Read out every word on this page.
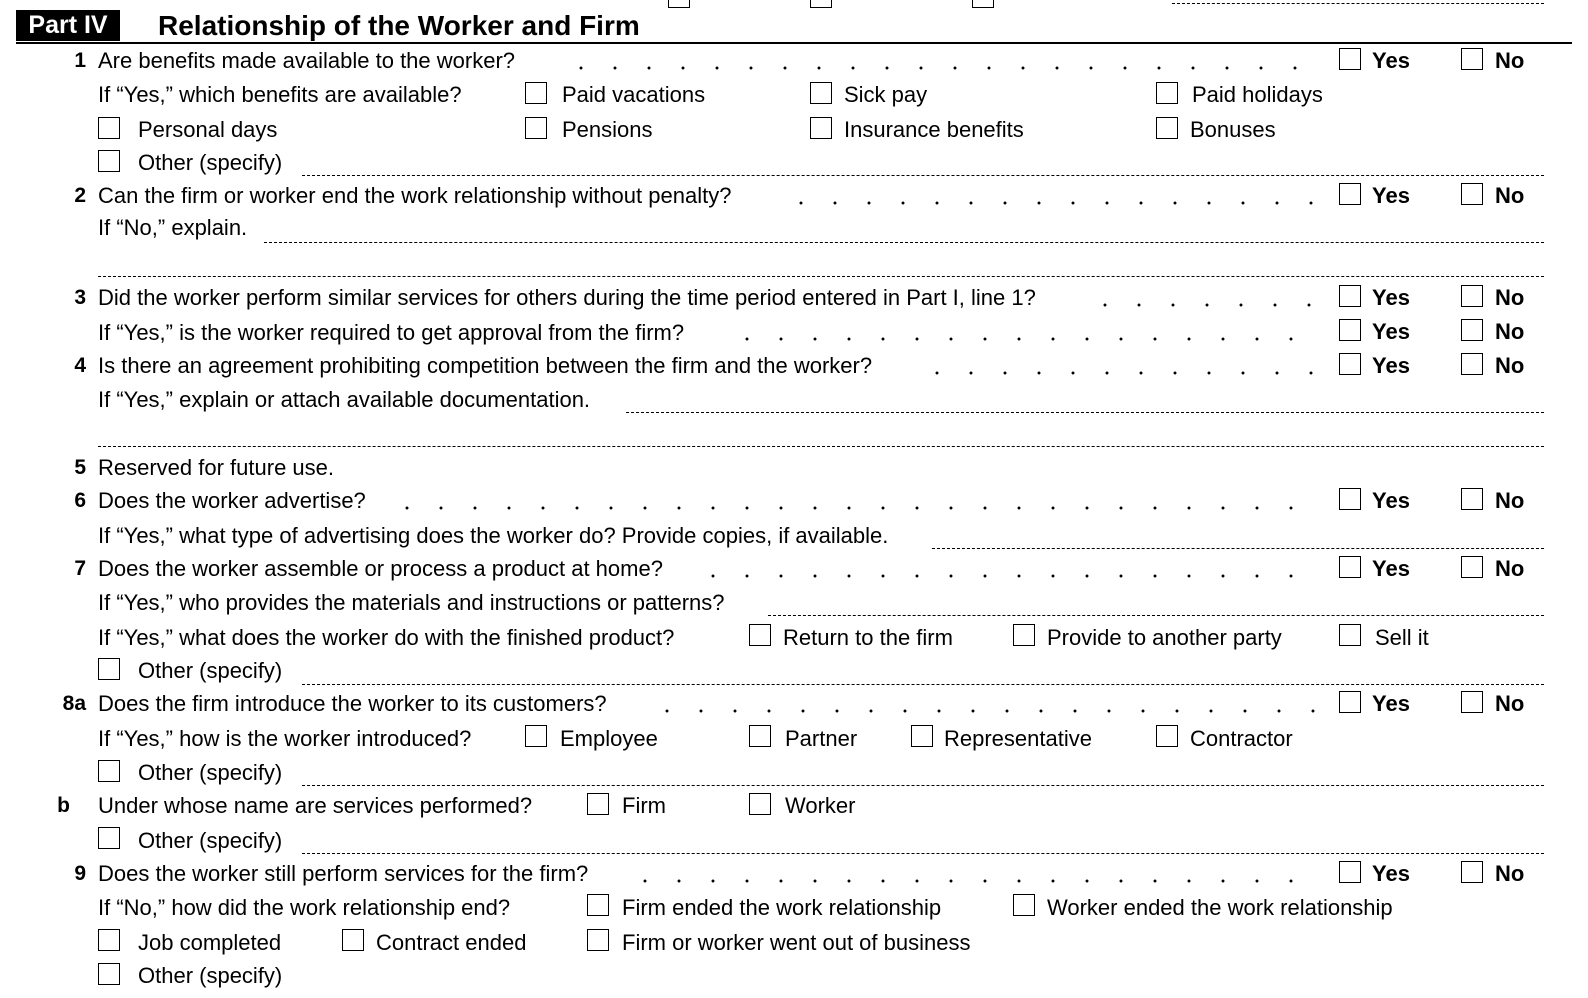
Part IV	Relationship of the Worker and Firm
1 Are benefits made available to the worker?	Yes	No
If “Yes,” which benefits are available?	Paid vacations	Sick pay	Paid holidays
Personal days	Pensions	Insurance benefits	Bonuses
Other (specify)
2 Can the firm or worker end the work relationship without penalty?	Yes	No
If “No,” explain.
3 Did the worker perform similar services for others during the time period entered in Part I, line 1?	Yes	No
If “Yes,” is the worker required to get approval from the firm?	Yes	No
4 Is there an agreement prohibiting competition between the firm and the worker?	Yes	No
If “Yes,” explain or attach available documentation.
5 Reserved for future use.
6 Does the worker advertise?	Yes	No
If “Yes,” what type of advertising does the worker do? Provide copies, if available.
7 Does the worker assemble or process a product at home?	Yes	No
If “Yes,” who provides the materials and instructions or patterns?
If “Yes,” what does the worker do with the finished product?	Return to the firm	Provide to another party	Sell it
Other (specify)
8a Does the firm introduce the worker to its customers?	Yes	No
If “Yes,” how is the worker introduced?	Employee	Partner	Representative	Contractor
Other (specify)
b Under whose name are services performed?	Firm	Worker
Other (specify)
9 Does the worker still perform services for the firm?	Yes	No
If “No,” how did the work relationship end?	Firm ended the work relationship	Worker ended the work relationship
Job completed	Contract ended	Firm or worker went out of business
Other (specify)
